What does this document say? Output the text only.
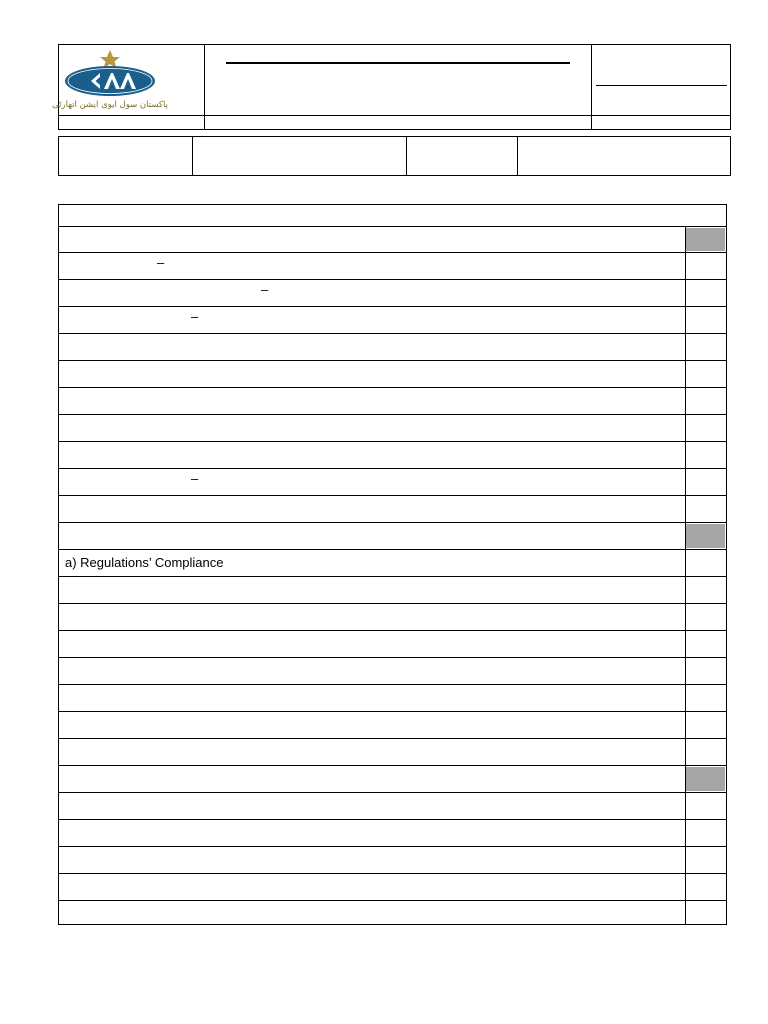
پاکستان سول ایوی ایشن اتھارٹی
–
–
–
–
a) Regulations’ Compliance
